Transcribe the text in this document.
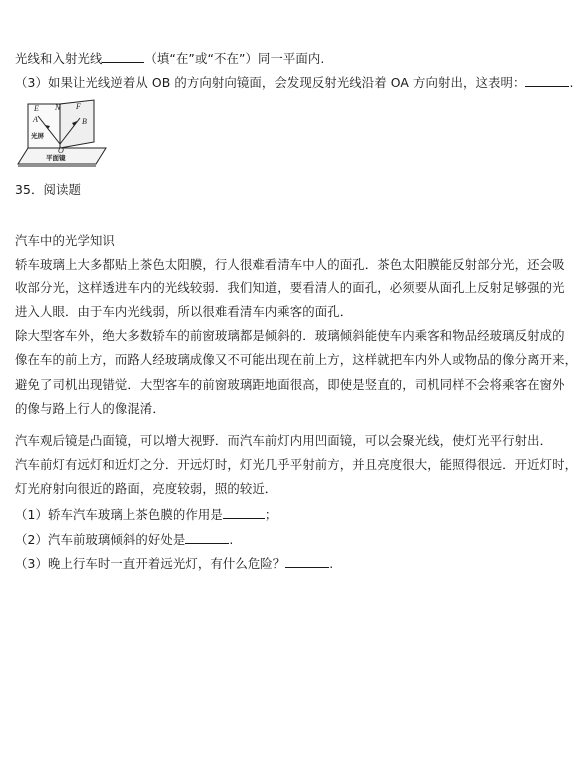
光线和入射光线	（填“在”或“不在”）同一平面内.
（3）如果让光线逆着从 OB 的方向射向镜面，会发现反射光线沿着 OA 方向射出，这表明：	.
E N F
A	B
O
光屏
平面镜
35．阅读题
汽车中的光学知识
轿车玻璃上大多都贴上茶色太阳膜，行人很难看清车中人的面孔．茶色太阳膜能反射部分光，还会吸
收部分光，这样透进车内的光线较弱．我们知道，要看清人的面孔，必须要从面孔上反射足够强的光
进入人眼．由于车内光线弱，所以很难看清车内乘客的面孔．
除大型客车外，绝大多数轿车的前窗玻璃都是倾斜的．玻璃倾斜能使车内乘客和物品经玻璃反射成的
像在车的前上方，而路人经玻璃成像又不可能出现在前上方，这样就把车内外人或物品的像分离开来，
避免了司机出现错觉．大型客车的前窗玻璃距地面很高，即使是竖直的，司机同样不会将乘客在窗外
的像与路上行人的像混淆．
汽车观后镜是凸面镜，可以增大视野．而汽车前灯内用凹面镜，可以会聚光线，使灯光平行射出．
汽车前灯有远灯和近灯之分．开远灯时，灯光几乎平射前方，并且亮度很大，能照得很远．开近灯时，
灯光府射向很近的路面，亮度较弱，照的较近．
（1）轿车汽车玻璃上茶色膜的作用是	；
（2）汽车前玻璃倾斜的好处是	.
（3）晚上行车时一直开着远光灯，有什么危险？	.
